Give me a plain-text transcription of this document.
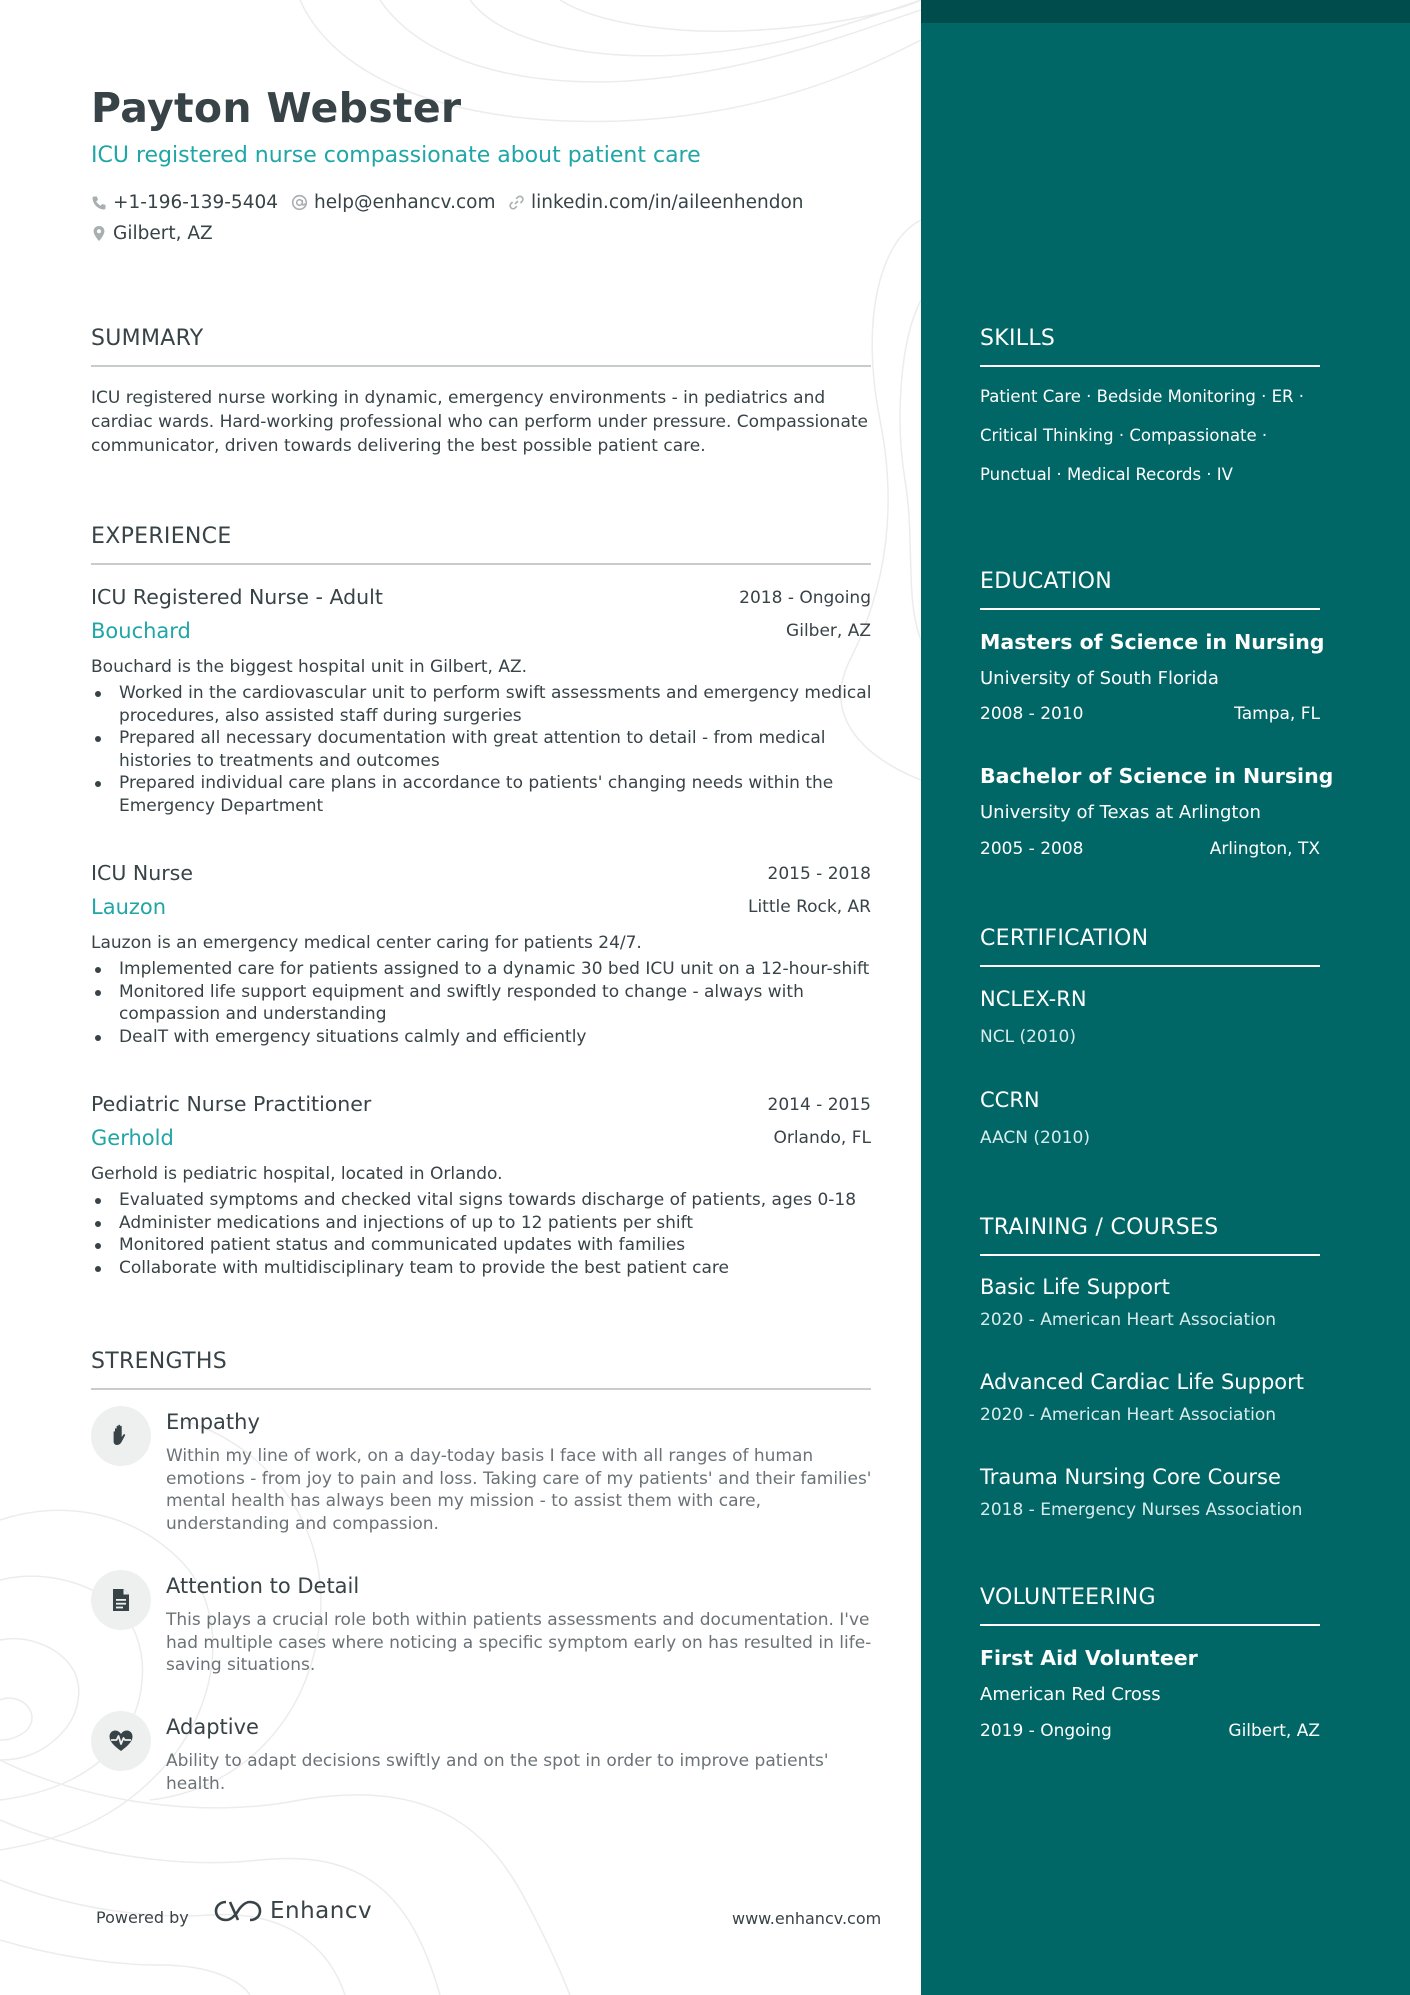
Payton Webster
ICU registered nurse compassionate about patient care
+1-196-139-5404 help@enhancv.com linkedin.com/in/aileenhendon
Gilbert, AZ
SUMMARY
ICU registered nurse working in dynamic, emergency environments - in pediatrics and cardiac wards. Hard-working professional who can perform under pressure. Compassionate communicator, driven towards delivering the best possible patient care.
EXPERIENCE
ICU Registered Nurse - Adult	2018 - Ongoing
Bouchard	Gilber, AZ
Bouchard is the biggest hospital unit in Gilbert, AZ.
Worked in the cardiovascular unit to perform swift assessments and emergency medical procedures, also assisted staff during surgeries
Prepared all necessary documentation with great attention to detail - from medical histories to treatments and outcomes
Prepared individual care plans in accordance to patients' changing needs within the Emergency Department
ICU Nurse	2015 - 2018
Lauzon	Little Rock, AR
Lauzon is an emergency medical center caring for patients 24/7.
Implemented care for patients assigned to a dynamic 30 bed ICU unit on a 12-hour-shift
Monitored life support equipment and swiftly responded to change - always with compassion and understanding
DealT with emergency situations calmly and efficiently
Pediatric Nurse Practitioner	2014 - 2015
Gerhold	Orlando, FL
Gerhold is pediatric hospital, located in Orlando.
Evaluated symptoms and checked vital signs towards discharge of patients, ages 0-18
Administer medications and injections of up to 12 patients per shift
Monitored patient status and communicated updates with families
Collaborate with multidisciplinary team to provide the best patient care
STRENGTHS
Empathy
Within my line of work, on a day-today basis I face with all ranges of human emotions - from joy to pain and loss. Taking care of my patients' and their families' mental health has always been my mission - to assist them with care, understanding and compassion.
Attention to Detail
This plays a crucial role both within patients assessments and documentation. I've had multiple cases where noticing a specific symptom early on has resulted in life-saving situations.
Adaptive
Ability to adapt decisions swiftly and on the spot in order to improve patients' health.
Powered by	Enhancv	www.enhancv.com
SKILLS
Patient Care · Bedside Monitoring · ER ·
Critical Thinking · Compassionate ·
Punctual · Medical Records · IV
EDUCATION
Masters of Science in Nursing
University of South Florida
2008 - 2010	Tampa, FL
Bachelor of Science in Nursing
University of Texas at Arlington
2005 - 2008	Arlington, TX
CERTIFICATION
NCLEX-RN
NCL (2010)
CCRN
AACN (2010)
TRAINING / COURSES
Basic Life Support
2020 - American Heart Association
Advanced Cardiac Life Support
2020 - American Heart Association
Trauma Nursing Core Course
2018 - Emergency Nurses Association
VOLUNTEERING
First Aid Volunteer
American Red Cross
2019 - Ongoing	Gilbert, AZ
